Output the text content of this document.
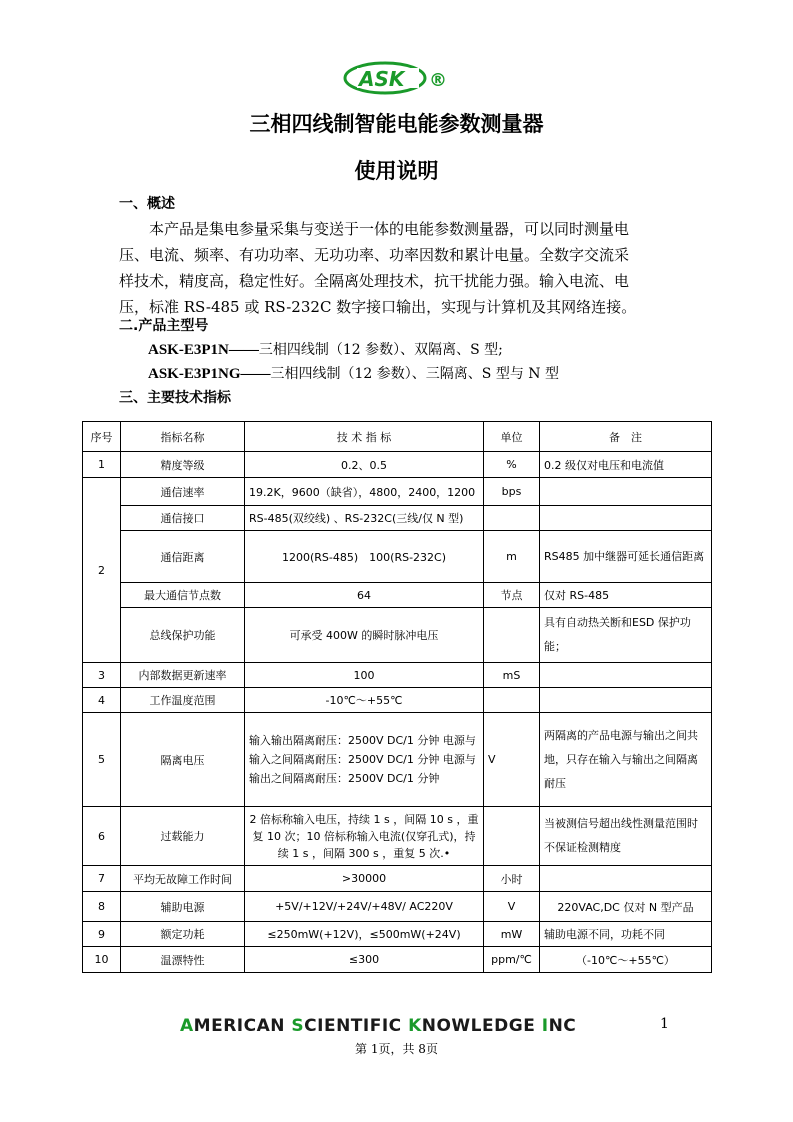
ASK ®
三相四线制智能电能参数测量器
使用说明
一、概述
本产品是集电参量采集与变送于一体的电能参数测量器，可以同时测量电
压、电流、频率、有功功率、无功功率、功率因数和累计电量。全数字交流采
样技术，精度高，稳定性好。全隔离处理技术，抗干扰能力强。输入电流、电
压，标准 RS-485 或 RS-232C 数字接口输出，实现与计算机及其网络连接。
二.产品主型号
ASK-E3P1N——三相四线制（12 参数）、双隔离、S 型;
ASK-E3P1NG——三相四线制（12 参数）、三隔离、S 型与 N 型
三、主要技术指标
序号	指标名称	技 术 指 标	单位	备　注
1	精度等级	0.2、0.5	%	0.2 级仅对电压和电流值
2	通信速率	19.2K，9600（缺省），4800，2400，1200	bps	
	通信接口	RS-485(双绞线) 、RS-232C(三线/仅 N 型)		
	通信距离	1200(RS-485)　100(RS-232C)	m	RS485 加中继器可延长通信距离
	最大通信节点数	64	节点	仅对 RS-485
	总线保护功能	可承受 400W 的瞬时脉冲电压		具有自动热关断和ESD 保护功能；
3	内部数据更新速率	100	mS	
4	工作温度范围	-10℃～+55℃		
5	隔离电压	输入输出隔离耐压：2500V DC/1 分钟 电源与输入之间隔离耐压：2500V DC/1 分钟 电源与输出之间隔离耐压：2500V DC/1 分钟	V	两隔离的产品电源与输出之间共地，只存在输入与输出之间隔离耐压
6	过载能力	2 倍标称输入电压，持续 1 s ，间隔 10 s ，重复 10 次；10 倍标称输入电流(仅穿孔式)，持续 1 s ，间隔 300 s ，重复 5 次.•		当被测信号超出线性测量范围时不保证检测精度
7	平均无故障工作时间	>30000	小时	
8	辅助电源	+5V/+12V/+24V/+48V/ AC220V	V	220VAC,DC 仅对 N 型产品
9	额定功耗	≤250mW(+12V)，≤500mW(+24V)	mW	辅助电源不同，功耗不同
10	温漂特性	≤300	ppm/℃	（-10℃～+55℃）
AMERICAN SCIENTIFIC KNOWLEDGE INC	1
第 1页，共 8页
